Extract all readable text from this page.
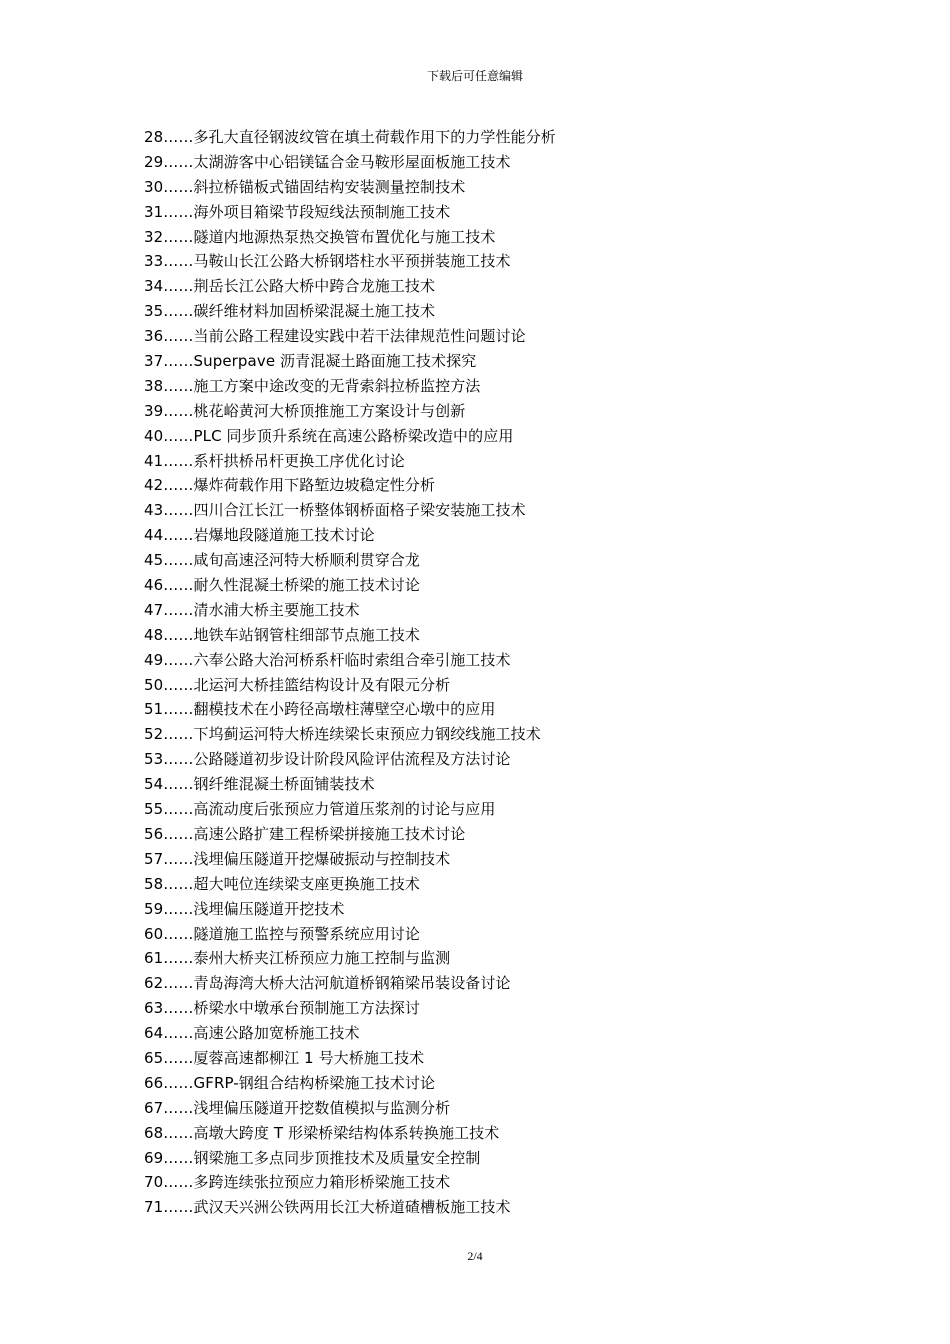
下载后可任意编辑
28……多孔大直径钢波纹管在填土荷载作用下的力学性能分析
29……太湖游客中心铝镁锰合金马鞍形屋面板施工技术
30……斜拉桥锚板式锚固结构安装测量控制技术
31……海外项目箱梁节段短线法预制施工技术
32……隧道内地源热泵热交换管布置优化与施工技术
33……马鞍山长江公路大桥钢塔柱水平预拼装施工技术
34……荆岳长江公路大桥中跨合龙施工技术
35……碳纤维材料加固桥梁混凝土施工技术
36……当前公路工程建设实践中若干法律规范性问题讨论
37……Superpave 沥青混凝土路面施工技术探究
38……施工方案中途改变的无背索斜拉桥监控方法
39……桃花峪黄河大桥顶推施工方案设计与创新
40……PLC 同步顶升系统在高速公路桥梁改造中的应用
41……系杆拱桥吊杆更换工序优化讨论
42……爆炸荷载作用下路堑边坡稳定性分析
43……四川合江长江一桥整体钢桥面格子梁安装施工技术
44……岩爆地段隧道施工技术讨论
45……咸旬高速泾河特大桥顺利贯穿合龙
46……耐久性混凝土桥梁的施工技术讨论
47……清水浦大桥主要施工技术
48……地铁车站钢管柱细部节点施工技术
49……六奉公路大治河桥系杆临时索组合牵引施工技术
50……北运河大桥挂篮结构设计及有限元分析
51……翻模技术在小跨径高墩柱薄壁空心墩中的应用
52……下坞蓟运河特大桥连续梁长束预应力钢绞线施工技术
53……公路隧道初步设计阶段风险评估流程及方法讨论
54……钢纤维混凝土桥面铺装技术
55……高流动度后张预应力管道压浆剂的讨论与应用
56……高速公路扩建工程桥梁拼接施工技术讨论
57……浅埋偏压隧道开挖爆破振动与控制技术
58……超大吨位连续梁支座更换施工技术
59……浅埋偏压隧道开挖技术
60……隧道施工监控与预警系统应用讨论
61……泰州大桥夹江桥预应力施工控制与监测
62……青岛海湾大桥大沽河航道桥钢箱梁吊装设备讨论
63……桥梁水中墩承台预制施工方法探讨
64……高速公路加宽桥施工技术
65……厦蓉高速都柳江 1 号大桥施工技术
66……GFRP-钢组合结构桥梁施工技术讨论
67……浅埋偏压隧道开挖数值模拟与监测分析
68……高墩大跨度 T 形梁桥梁结构体系转换施工技术
69……钢梁施工多点同步顶推技术及质量安全控制
70……多跨连续张拉预应力箱形桥梁施工技术
71……武汉天兴洲公铁两用长江大桥道碴槽板施工技术
2/4
